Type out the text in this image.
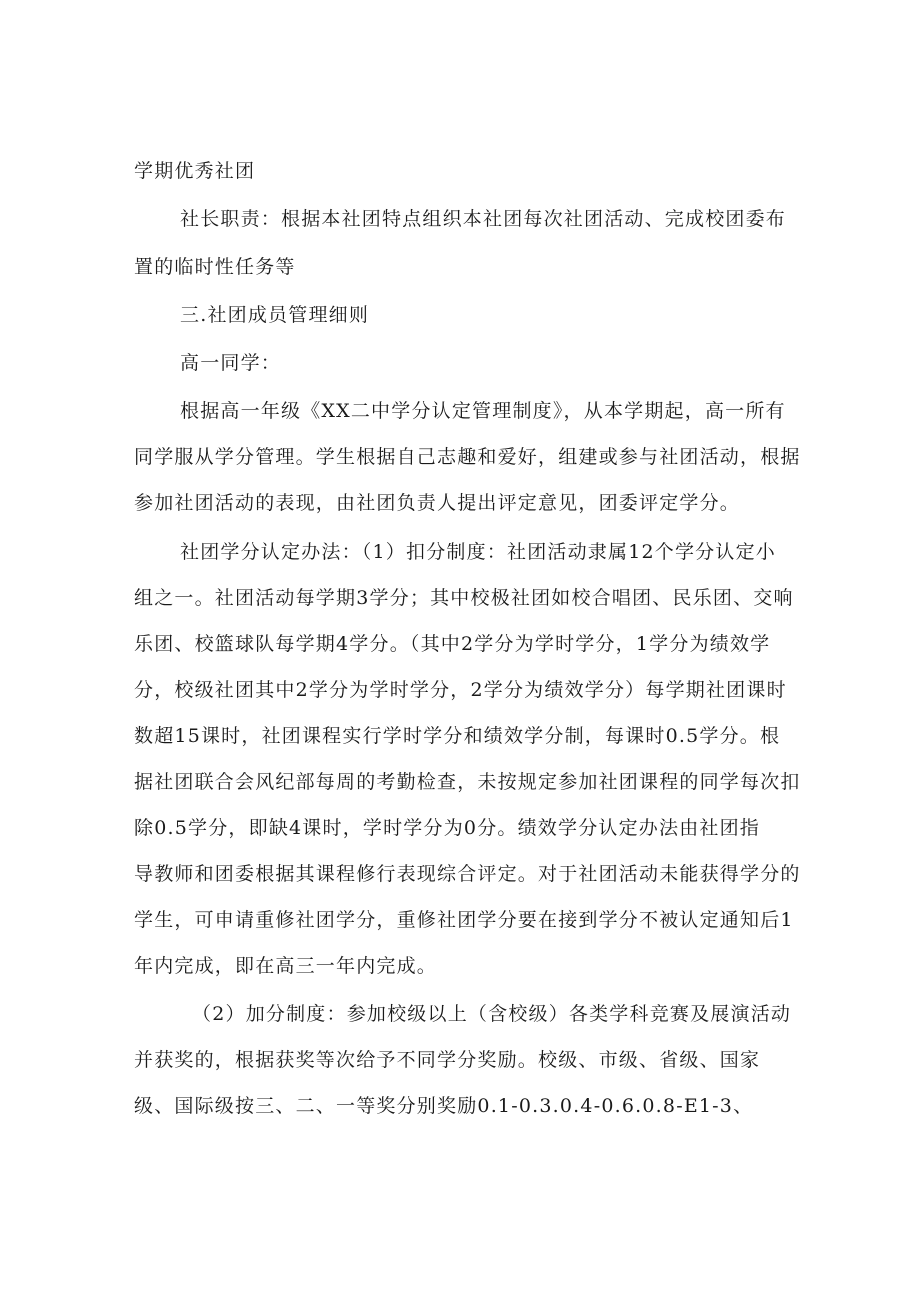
学期优秀社团
社长职责：根据本社团特点组织本社团每次社团活动、完成校团委布
置的临时性任务等
三.社团成员管理细则
高一同学：
根据高一年级《XX二中学分认定管理制度》，从本学期起，高一所有
同学服从学分管理。学生根据自己志趣和爱好，组建或参与社团活动，根据
参加社团活动的表现，由社团负责人提出评定意见，团委评定学分。
社团学分认定办法：（1）扣分制度：社团活动隶属12个学分认定小
组之一。社团活动每学期3学分；其中校极社团如校合唱团、民乐团、交响
乐团、校篮球队每学期4学分。（其中2学分为学时学分，1学分为绩效学
分，校级社团其中2学分为学时学分，2学分为绩效学分）每学期社团课时
数超15课时，社团课程实行学时学分和绩效学分制，每课时0.5学分。根
据社团联合会风纪部每周的考勤检查，未按规定参加社团课程的同学每次扣
除0.5学分，即缺4课时，学时学分为0分。绩效学分认定办法由社团指
导教师和团委根据其课程修行表现综合评定。对于社团活动未能获得学分的
学生，可申请重修社团学分，重修社团学分要在接到学分不被认定通知后1
年内完成，即在高三一年内完成。
（2）加分制度：参加校级以上（含校级）各类学科竞赛及展演活动
并获奖的，根据获奖等次给予不同学分奖励。校级、市级、省级、国家
级、国际级按三、二、一等奖分别奖励0.1-0.3.0.4-0.6.0.8-E1-3、
